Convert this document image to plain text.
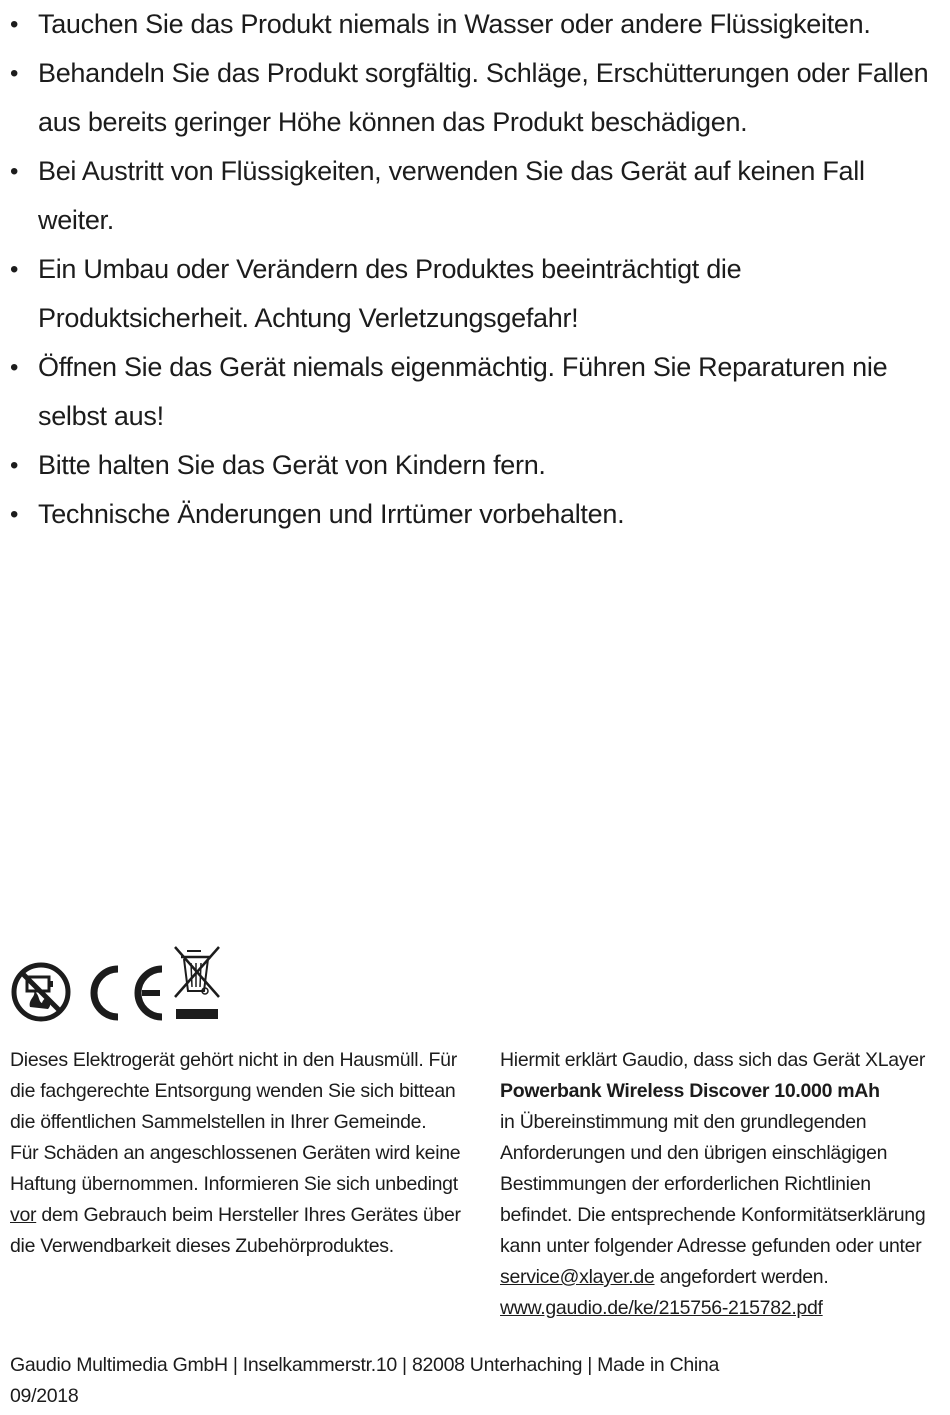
• Tauchen Sie das Produkt niemals in Wasser oder andere Flüssigkeiten.
• Behandeln Sie das Produkt sorgfältig. Schläge, Erschütterungen oder Fallen aus bereits geringer Höhe können das Produkt beschädigen.
• Bei Austritt von Flüssigkeiten, verwenden Sie das Gerät auf keinen Fall weiter.
• Ein Umbau oder Verändern des Produktes beeinträchtigt die Produktsicherheit. Achtung Verletzungsgefahr!
• Öffnen Sie das Gerät niemals eigenmächtig. Führen Sie Reparaturen nie selbst aus!
• Bitte halten Sie das Gerät von Kindern fern.
• Technische Änderungen und Irrtümer vorbehalten.

Dieses Elektrogerät gehört nicht in den Hausmüll. Für die fachgerechte Entsorgung wenden Sie sich bittean die öffentlichen Sammelstellen in Ihrer Gemeinde.

Für Schäden an angeschlossenen Geräten wird keine Haftung übernommen. Informieren Sie sich unbedingt vor dem Gebrauch beim Hersteller Ihres Gerätes über die Verwendbarkeit dieses Zubehörproduktes.

Hiermit erklärt Gaudio, dass sich das Gerät XLayer
Powerbank Wireless Discover 10.000 mAh
in Übereinstimmung mit den grundlegenden Anforderungen und den übrigen einschlägigen Bestimmungen der erforderlichen Richtlinien befindet. Die entsprechende Konformitätserklärung kann unter folgender Adresse gefunden oder unter service@xlayer.de angefordert werden.
www.gaudio.de/ke/215756-215782.pdf

Gaudio Multimedia GmbH | Inselkammerstr.10 | 82008 Unterhaching | Made in China
09/2018
